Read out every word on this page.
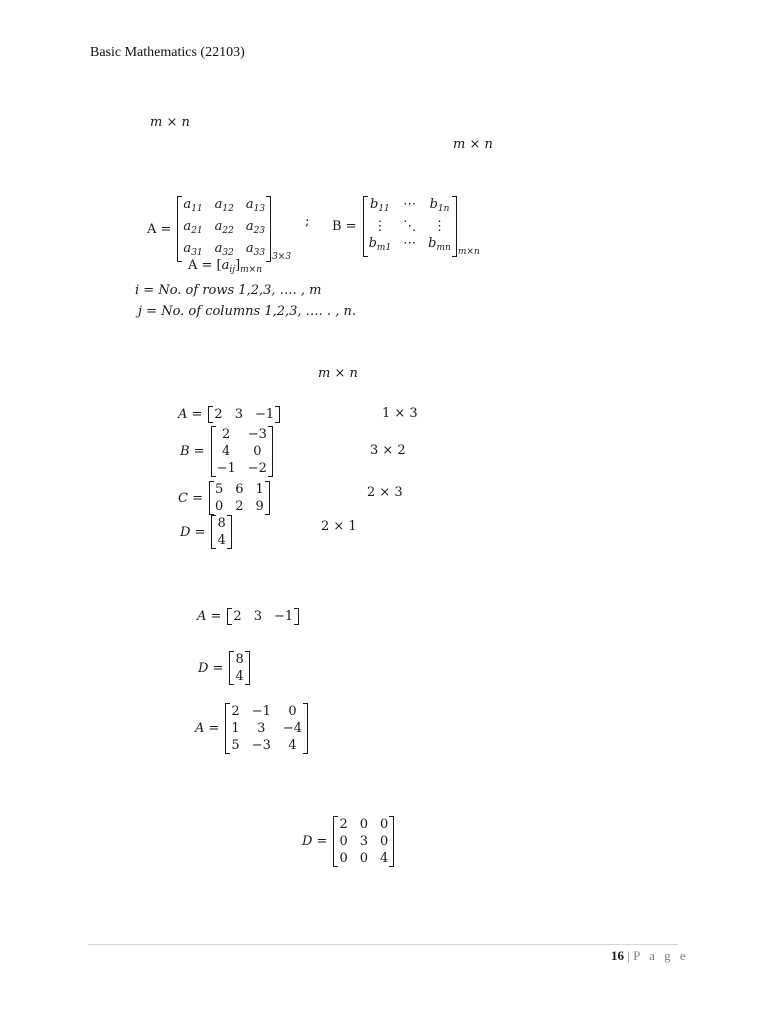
Basic Mathematics (22103)
m × n
m × n
A =
$a_{11}$ $a_{12}$ $a_{13}$
$a_{21}$ $a_{22}$ $a_{23}$
$a_{31}$ $a_{32}$ $a_{33}$ 3×3
; B =
$b_{11}$ ⋯ $b_{1n}$
⋮	⋱	⋮
$b_{m1}$ ⋯ $b_{mn}$ m×n
$A = [a_{ij}]_{m\times n}$
i = No. of rows 1,2,3, …. , m
j = No. of columns 1,2,3, …. . , n.
m × n
16 | P a g e
A = 2 3 −1	1 × 3
B =
2	−3
4	0
−1 −2
3 × 2
C =
5 6 1
0 2 9
2 × 3
D =
8
4
2 × 1
A = 2 3 −1
D =
8
4
A =
2 −1	0
1	3	−4
5 −3	4
D =
2 0 0
0 3 0
0 0 4
